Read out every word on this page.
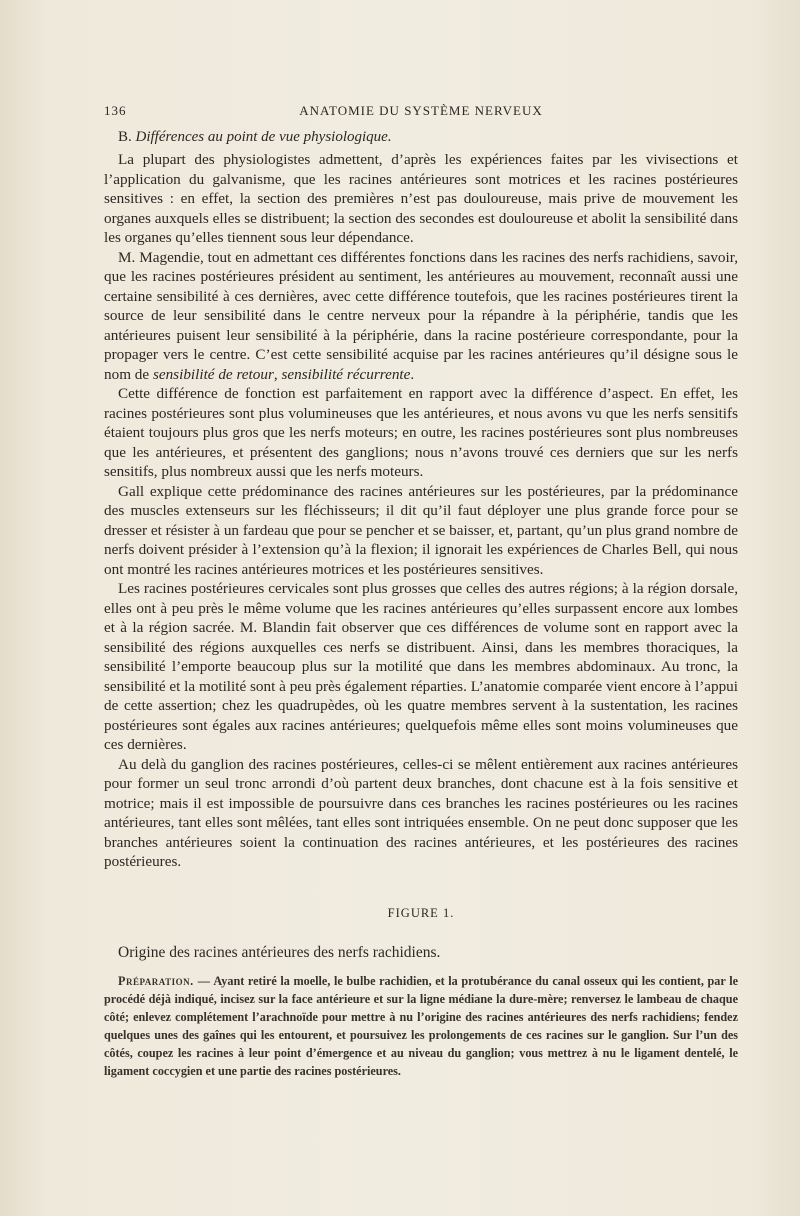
136	ANATOMIE DU SYSTÈME NERVEUX
B. Différences au point de vue physiologique.

La plupart des physiologistes admettent, d’après les expériences faites par les vivisections et l’application du galvanisme, que les racines antérieures sont motrices et les racines postérieures sensitives : en effet, la section des premières n’est pas douloureuse, mais prive de mouvement les organes auxquels elles se distribuent; la section des secondes est douloureuse et abolit la sensibilité dans les organes qu’elles tiennent sous leur dépendance.

M. Magendie, tout en admettant ces différentes fonctions dans les racines des nerfs rachidiens, savoir, que les racines postérieures président au sentiment, les antérieures au mouvement, reconnaît aussi une certaine sensibilité à ces dernières, avec cette différence toutefois, que les racines postérieures tirent la source de leur sensibilité dans le centre nerveux pour la répandre à la périphérie, tandis que les antérieures puisent leur sensibilité à la périphérie, dans la racine postérieure correspondante, pour la propager vers le centre. C’est cette sensibilité acquise par les racines antérieures qu’il désigne sous le nom de sensibilité de retour, sensibilité récurrente.

Cette différence de fonction est parfaitement en rapport avec la différence d’aspect. En effet, les racines postérieures sont plus volumineuses que les antérieures, et nous avons vu que les nerfs sensitifs étaient toujours plus gros que les nerfs moteurs; en outre, les racines postérieures sont plus nombreuses que les antérieures, et présentent des ganglions; nous n’avons trouvé ces derniers que sur les nerfs sensitifs, plus nombreux aussi que les nerfs moteurs.

Gall explique cette prédominance des racines antérieures sur les postérieures, par la prédominance des muscles extenseurs sur les fléchisseurs; il dit qu’il faut déployer une plus grande force pour se dresser et résister à un fardeau que pour se pencher et se baisser, et, partant, qu’un plus grand nombre de nerfs doivent présider à l’extension qu’à la flexion; il ignorait les expériences de Charles Bell, qui nous ont montré les racines antérieures motrices et les postérieures sensitives.

Les racines postérieures cervicales sont plus grosses que celles des autres régions; à la région dorsale, elles ont à peu près le même volume que les racines antérieures qu’elles surpassent encore aux lombes et à la région sacrée. M. Blandin fait observer que ces différences de volume sont en rapport avec la sensibilité des régions auxquelles ces nerfs se distribuent. Ainsi, dans les membres thoraciques, la sensibilité l’emporte beaucoup plus sur la motilité que dans les membres abdominaux. Au tronc, la sensibilité et la motilité sont à peu près également réparties. L’anatomie comparée vient encore à l’appui de cette assertion; chez les quadrupèdes, où les quatre membres servent à la sustentation, les racines postérieures sont égales aux racines antérieures; quelquefois même elles sont moins volumineuses que ces dernières.

Au delà du ganglion des racines postérieures, celles-ci se mêlent entièrement aux racines antérieures pour former un seul tronc arrondi d’où partent deux branches, dont chacune est à la fois sensitive et motrice; mais il est impossible de poursuivre dans ces branches les racines postérieures ou les racines antérieures, tant elles sont mêlées, tant elles sont intriquées ensemble. On ne peut donc supposer que les branches antérieures soient la continuation des racines antérieures, et les postérieures des racines postérieures.

FIGURE 1.
Origine des racines antérieures des nerfs rachidiens.

Préparation. — Ayant retiré la moelle, le bulbe rachidien, et la protubérance du canal osseux qui les contient, par le procédé déjà indiqué, incisez sur la face antérieure et sur la ligne médiane la dure-mère; renversez le lambeau de chaque côté; enlevez complétement l’arachnoïde pour mettre à nu l’origine des racines antérieures des nerfs rachidiens; fendez quelques unes des gaînes qui les entourent, et poursuivez les prolongements de ces racines sur le ganglion. Sur l’un des côtés, coupez les racines à leur point d’émergence et au niveau du ganglion; vous mettrez à nu le ligament dentelé, le ligament coccygien et une partie des racines postérieures.
